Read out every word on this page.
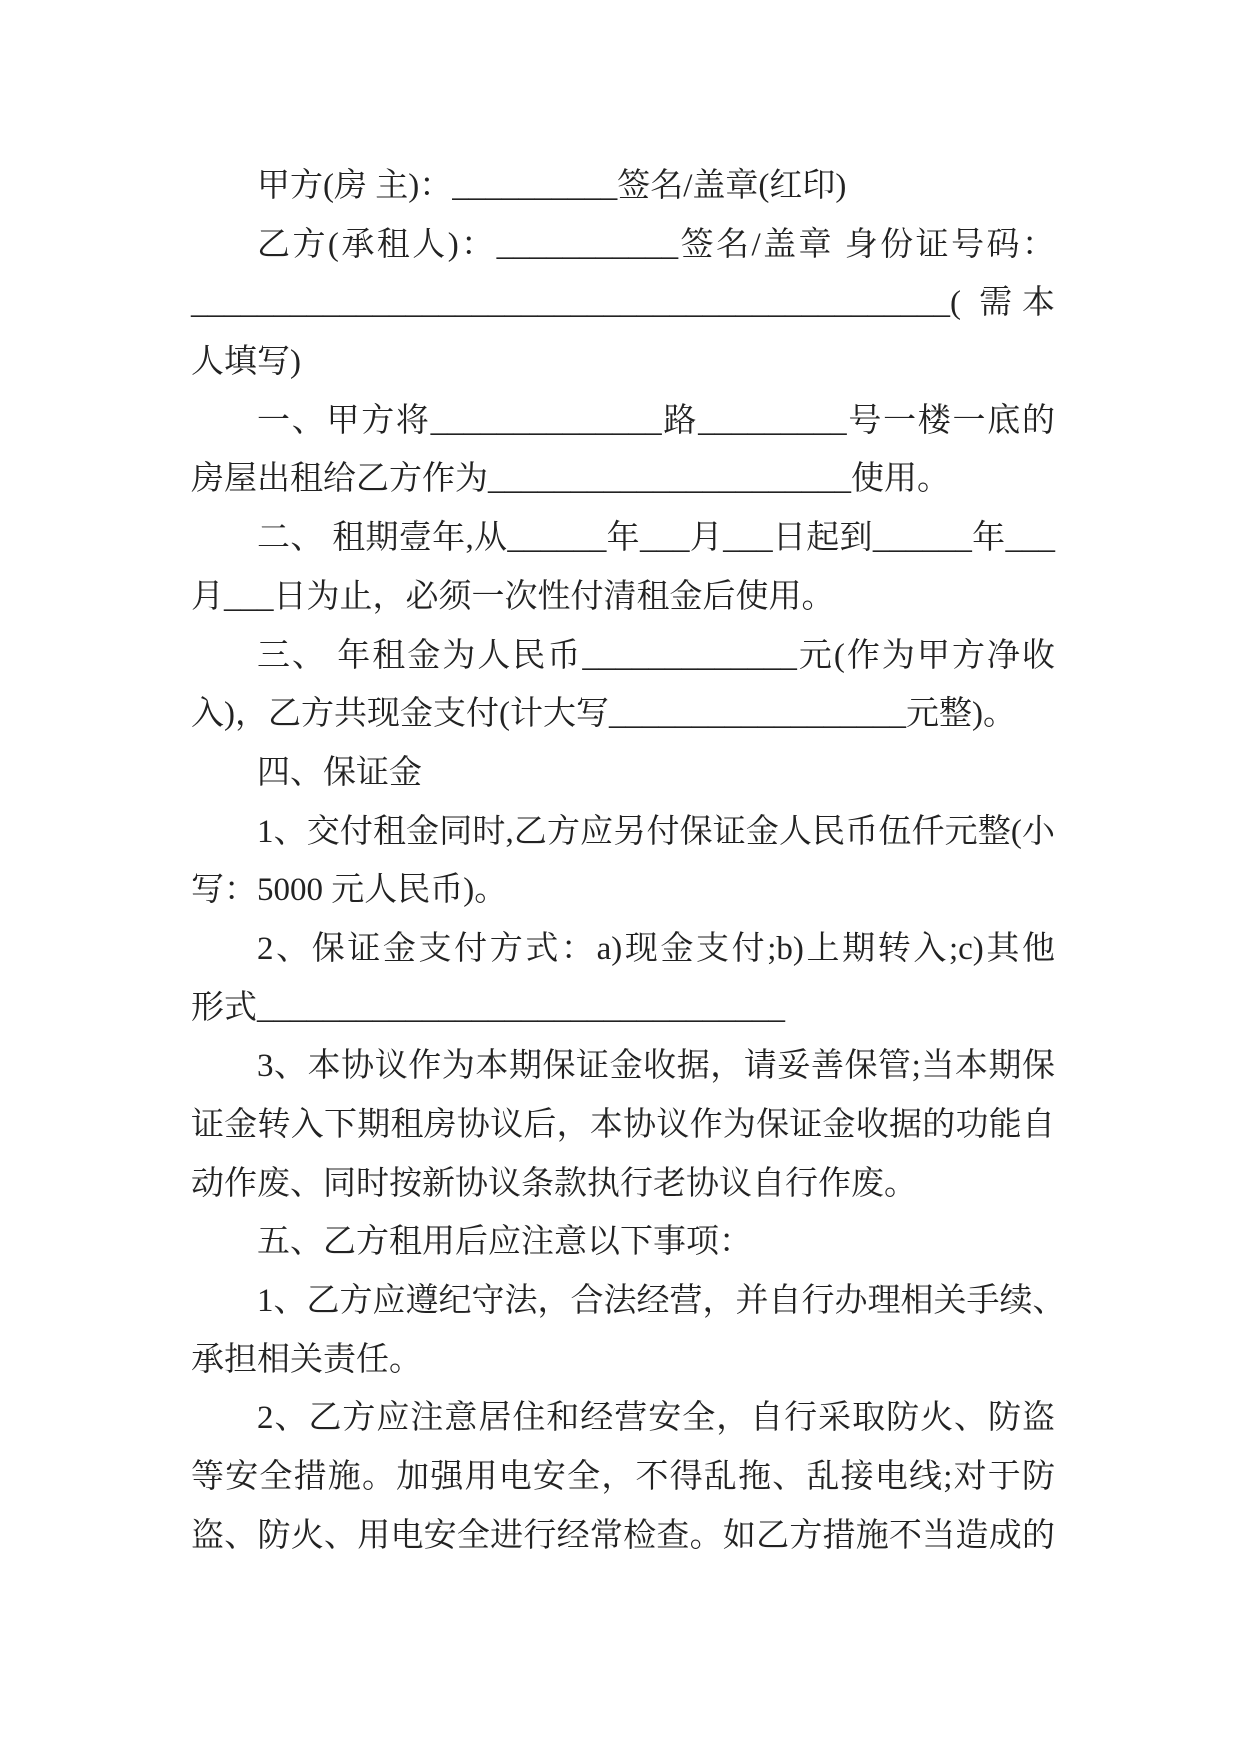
甲方(房 主)：__________签名/盖章(红印)
乙方(承租人)：___________签名/盖章 身份证号码：
______________________________________________( 需本
人填写)
一、甲方将______________路_________号一楼一底的
房屋出租给乙方作为______________________使用。
二、 租期壹年,从______年___月___日起到______年___
月___日为止，必须一次性付清租金后使用。
三、 年租金为人民币_____________元(作为甲方净收
入)，乙方共现金支付(计大写__________________元整)。
四、保证金
1、交付租金同时,乙方应另付保证金人民币伍仟元整(小
写：5000 元人民币)。
2、保证金支付方式：a)现金支付;b)上期转入;c)其他
形式________________________________
3、本协议作为本期保证金收据，请妥善保管;当本期保
证金转入下期租房协议后，本协议作为保证金收据的功能自
动作废、同时按新协议条款执行老协议自行作废。
五、乙方租用后应注意以下事项：
1、乙方应遵纪守法，合法经营，并自行办理相关手续、
承担相关责任。
2、乙方应注意居住和经营安全，自行采取防火、防盗
等安全措施。加强用电安全，不得乱拖、乱接电线;对于防
盗、防火、用电安全进行经常检查。如乙方措施不当造成的
